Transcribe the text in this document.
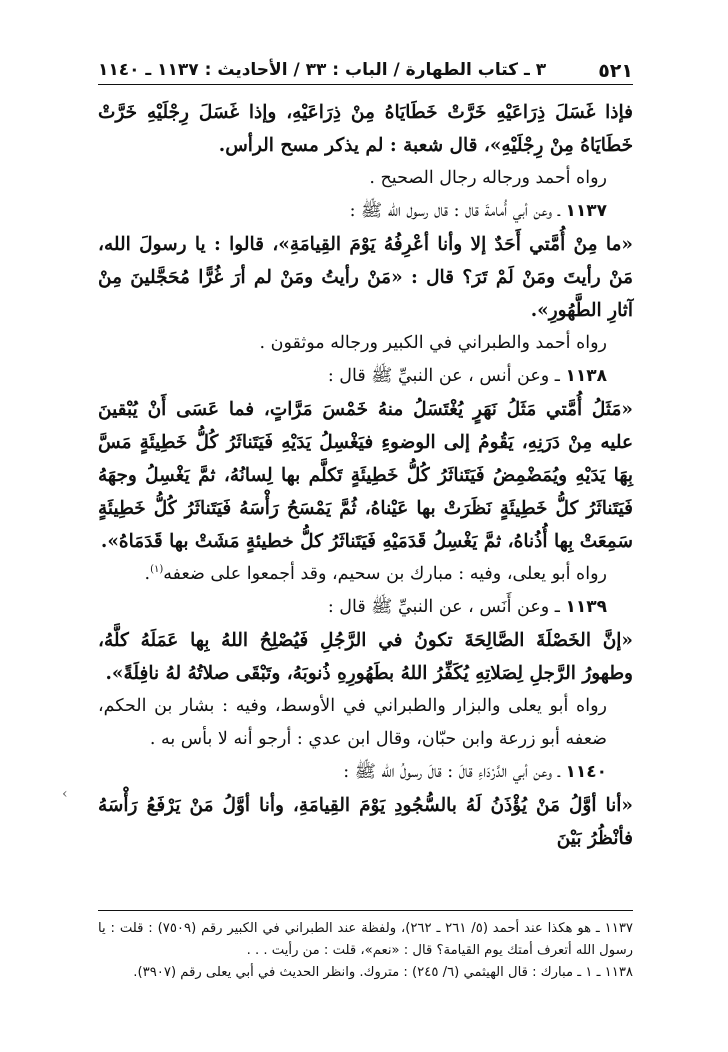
٥٢١
٣ ـ كتاب الطهارة / الباب : ٣٣ / الأحاديث : ١١٣٧ ـ ١١٤٠

فإذا غَسَلَ ذِرَاعَيْهِ خَرَّتْ خَطَايَاهُ مِنْ ذِرَاعَيْهِ، وإذا غَسَلَ رِجْلَيْهِ خَرَّتْ خَطَايَاهُ مِنْ رِجْلَيْهِ»، قال شعبة : لم يذكر مسح الرأس.

رواه أحمد ورجاله رجال الصحيح .

١١٣٧ ـ وعن أبي أُمامةَ قال : قال رسول الله ﷺ :

«ما مِنْ أُمَّتي أَحَدٌ إلا وأنا أعْرِفُهُ يَوْمَ القِيامَةِ»، قالوا : يا رسولَ الله، مَنْ رأيتَ ومَنْ لَمْ تَرَ؟ قال : «مَنْ رأيتُ ومَنْ لم أرَ غُرًّا مُحَجَّلينَ مِنْ آثارِ الطَّهُورِ».

رواه أحمد والطبراني في الكبير ورجاله موثقون .

١١٣٨ ـ وعن أنس ، عن النبيِّ ﷺ قال :

«مَثَلُ أُمَّتي مَثَلُ نَهَرٍ يُغْتَسَلُ منهُ خَمْسَ مَرَّاتٍ، فما عَسَى أَنْ يُبْقينَ عليه مِنْ دَرَنِهِ، يَقُومُ إلى الوضوءِ فيَغْسِلُ يَدَيْهِ فَيَتَناثَرُ كُلُّ خَطِيئَةٍ مَسَّ بِهَا يَدَيْهِ ويُمَضْمِضُ فَيَتَناثَرُ كُلُّ خَطِيئَةٍ تَكلَّم بها لِسانُهُ، ثمَّ يَغْسِلُ وجهَهُ فَيَتَناثَرُ كلُّ خَطِيئَةٍ نَظَرَتْ بها عَيْناهُ، ثُمَّ يَمْسَحُ رَأْسَهُ فَيَتَناثَرُ كُلُّ خَطِيئَةٍ سَمِعَتْ بِها أُذُناهُ، ثمَّ يَغْسِلُ قَدَمَيْهِ فَيَتَناثَرُ كلُّ خطيئةٍ مَشَتْ بها قَدَمَاهُ».

رواه أبو يعلى، وفيه : مبارك بن سحيم، وقد أجمعوا على ضعفه$^{(١)}$.

١١٣٩ ـ وعن أَنَس ، عن النبيِّ ﷺ قال :

«إنَّ الخَصْلَةَ الصَّالِحَةَ تكونُ في الرَّجُلِ فَيُصْلِحُ اللهُ بِها عَمَلَهُ كلَّهُ، وطهورُ الرَّجلِ لِصَلاتِهِ يُكَفِّرُ اللهُ بطَهُورِهِ ذُنوبَهُ، وتَبْقَى صلاتُهُ لهُ نافِلَةً».

رواه أبو يعلى والبزار والطبراني في الأوسط، وفيه : بشار بن الحكم، ضعفه أبو زرعة وابن حبّان، وقال ابن عدي : أرجو أنه لا بأس به .

١١٤٠ ـ وعن أبي الدَّرْدَاءِ قالَ : قالَ رسولُ الله ﷺ :

«أنا أوَّلُ مَنْ يُؤْذَنُ لَهُ بالسُّجُودِ يَوْمَ القِيامَةِ، وأنا أوَّلُ مَنْ يَرْفَعُ رَأْسَهُ فأنْظُرُ بَيْنَ

›

١١٣٧ ـ هو هكذا عند أحمد (٥/ ٢٦١ ـ ٢٦٢)، ولفظة عند الطبراني في الكبير رقم (٧٥٠٩) : قلت : يا رسول الله أتعرف أمتك يوم القيامة؟ قال : «نعم»، قلت : من رأيت . . .

١١٣٨ ـ ١ ـ مبارك : قال الهيثمي (٦/ ٢٤٥) : متروك. وانظر الحديث في أبي يعلى رقم (٣٩٠٧).
